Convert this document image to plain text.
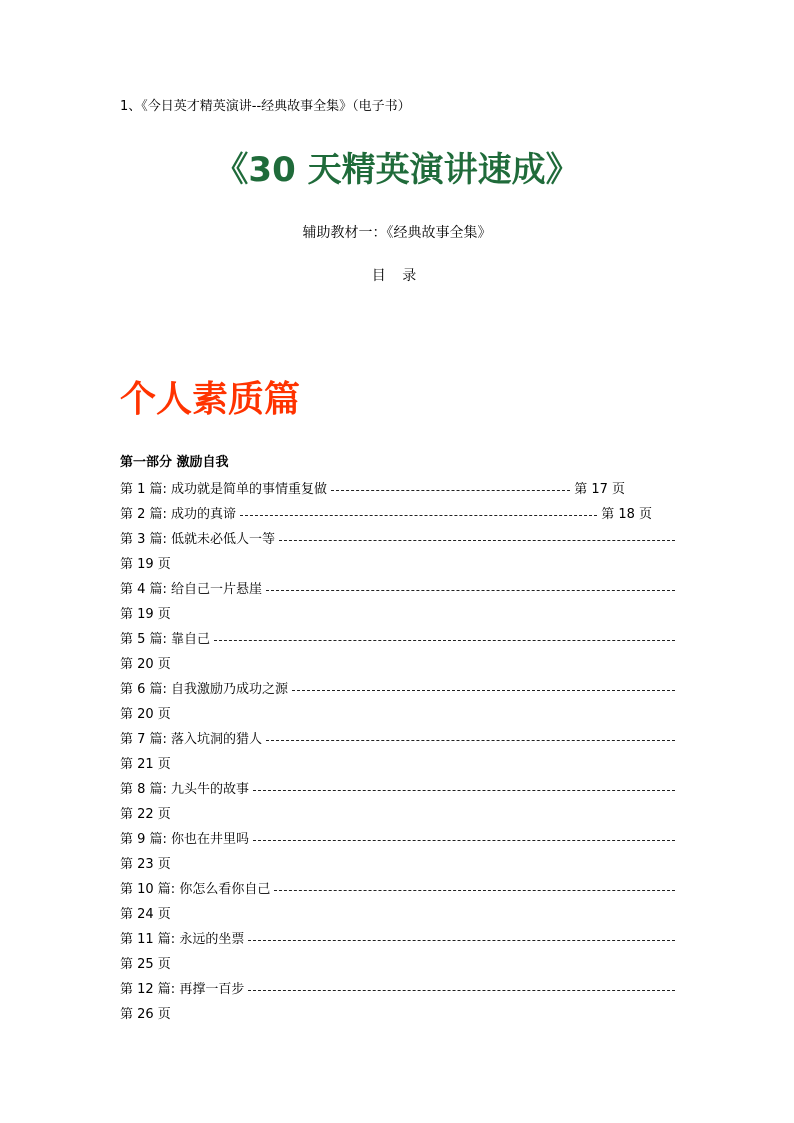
1、《今日英才精英演讲--经典故事全集》（电子书）
《30 天精英演讲速成》
辅助教材一：《经典故事全集》
目 录
个人素质篇
第一部分 激励自我
第 1 篇: 成功就是简单的事情重复做	第 17 页
第 2 篇: 成功的真谛	第 18 页
第 3 篇: 低就未必低人一等
第 19 页
第 4 篇: 给自己一片悬崖
第 19 页
第 5 篇: 靠自己
第 20 页
第 6 篇: 自我激励乃成功之源
第 20 页
第 7 篇: 落入坑洞的猎人
第 21 页
第 8 篇: 九头牛的故事
第 22 页
第 9 篇: 你也在井里吗
第 23 页
第 10 篇: 你怎么看你自己
第 24 页
第 11 篇: 永远的坐票
第 25 页
第 12 篇: 再撑一百步
第 26 页
